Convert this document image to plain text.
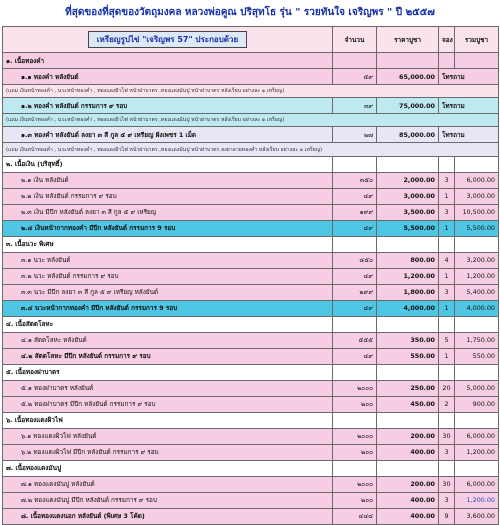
ที่สุดของที่สุดของวัตถุมงคล หลวงพ่อคูณ ปริสุทโธ รุ่น " รวยทันใจ เจริญพร " ปี ๒๕๕๗
เหรียญรูปไข่ "เจริญพร 57" ประกอบด้วย	จำนวน	ราคาบูชา	จอง	รวมบูชา
๑. เนื้อทองคำ				
๑.๑ ทองคำ หลังยันต์	๕๙	65,000.00	โทรถาม	
(แถม เงินหน้าทองคำ , นวะหน้าทองคำ , ทองแดงผิวไฟ หน้าฝาบาตร ,ทองแดงมันปู หน้าฝาบาตร หลังเรียบ อย่างละ ๑ เหรียญ)				
๑.๒ ทองคำ หลังยันต์ กรรมการ ๙ รอบ	๓๙	75,000.00	โทรถาม	
(แถม เงินหน้าทองคำ , นวะหน้าทองคำ , ทองแดงผิวไฟ หน้าฝาบาตร ,ทองแดงมันปู หน้าฝาบาตร หลังเรียบ อย่างละ ๑ เหรียญ)				
๑.๓ ทองคำ หลังยันต์ ลงยา ๓ สี กูล ๕ ๙ เหรียญ ฝังเพชร 1 เม็ด	๒๗	85,000.00	โทรถาม	
(แถม เงินหน้าทองคำ , นวะหน้าทองคำ , ทองแดงผิวไฟ หน้าฝาบาตร ,ทองแดงมันปู หน้าฝาบาตร ลงยาลายทองคำ หลังเรียบ อย่างละ ๑ เหรียญ)				
๒. เนื้อเงิน (บริสุทธิ์)				
๒.๑ เงิน หลังยันต์	๓๕๐	2,000.00	3	6,000.00
๒.๒ เงิน หลังยันต์ กรรมการ ๙ รอบ	๔๙	3,000.00	1	3,000.00
๒.๓ เงิน มีปีก หลังยันต์ ลงยา ๓ สี กูล ๕ ๙ เหรียญ	๑๙๙	3,500.00	3	10,500.00
๒.๔ เงินหน้ากากทองคำ มีปีก หลังยันต์ กรรมการ 9 รอบ	๔๙	5,500.00	1	5,500.00
๓. เนื้อนวะ พิเศษ				
๓.๑ นวะ หลังยันต์	๔๕๐	800.00	4	3,200.00
๓.๒ นวะ หลังยันต์ กรรมการ ๙ รอบ	๔๙	1,200.00	1	1,200.00
๓.๓ นวะ มีปีก ลงยา ๓ สี กูล ๕ ๙ เหรียญ หลังยันต์	๒๙๙	1,800.00	3	5,400.00
๓.๔ นวะหน้ากากทองคำ มีปีก หลังยันต์ กรรมการ 9 รอบ	๔๙	4,000.00	1	4,000.00
๔. เนื้อสัตตโลหะ				
๔.๑ สัตตโลหะ หลังยันต์	๕๕๕	350.00	5	1,750.00
๔.๒ สัตตโลหะ มีปีก หลังยันต์ กรรมการ ๙ รอบ	๔๙	550.00	1	550.00
๕. เนื้อทองฝาบาตร				
๕.๑ ทองฝาบาตร หลังยันต์	๒๐๐๐	250.00	20	5,000.00
๕.๒ ทองฝาบาตร มีปีก หลังยันต์ กรรมการ ๙ รอบ	๒๐๐	450.00	2	900.00
๖. เนื้อทองแดงผิวไฟ				
๖.๑ ทองแดงผิวไฟ หลังยันต์	๒๐๐๐	200.00	30	6,000.00
๖.๒ ทองแดงผิวไฟ มีปีก หลังยันต์ กรรมการ ๙ รอบ	๒๐๐	400.00	3	1,200.00
๗. เนื้อทองแดงมันปู				
๗.๑ ทองแดงมันปู หลังยันต์	๒๐๐๐	200.00	30	6,000.00
๗.๒ ทองแดงมันปู มีปีก หลังยันต์ กรรมการ ๙ รอบ	๒๐๐	400.00	3	1,200.00
๘. เนื้อทองแดงนอก หลังยันต์ (พิเศษ 3 โค้ด)	๔๔๔	400.00	9	3,600.00
